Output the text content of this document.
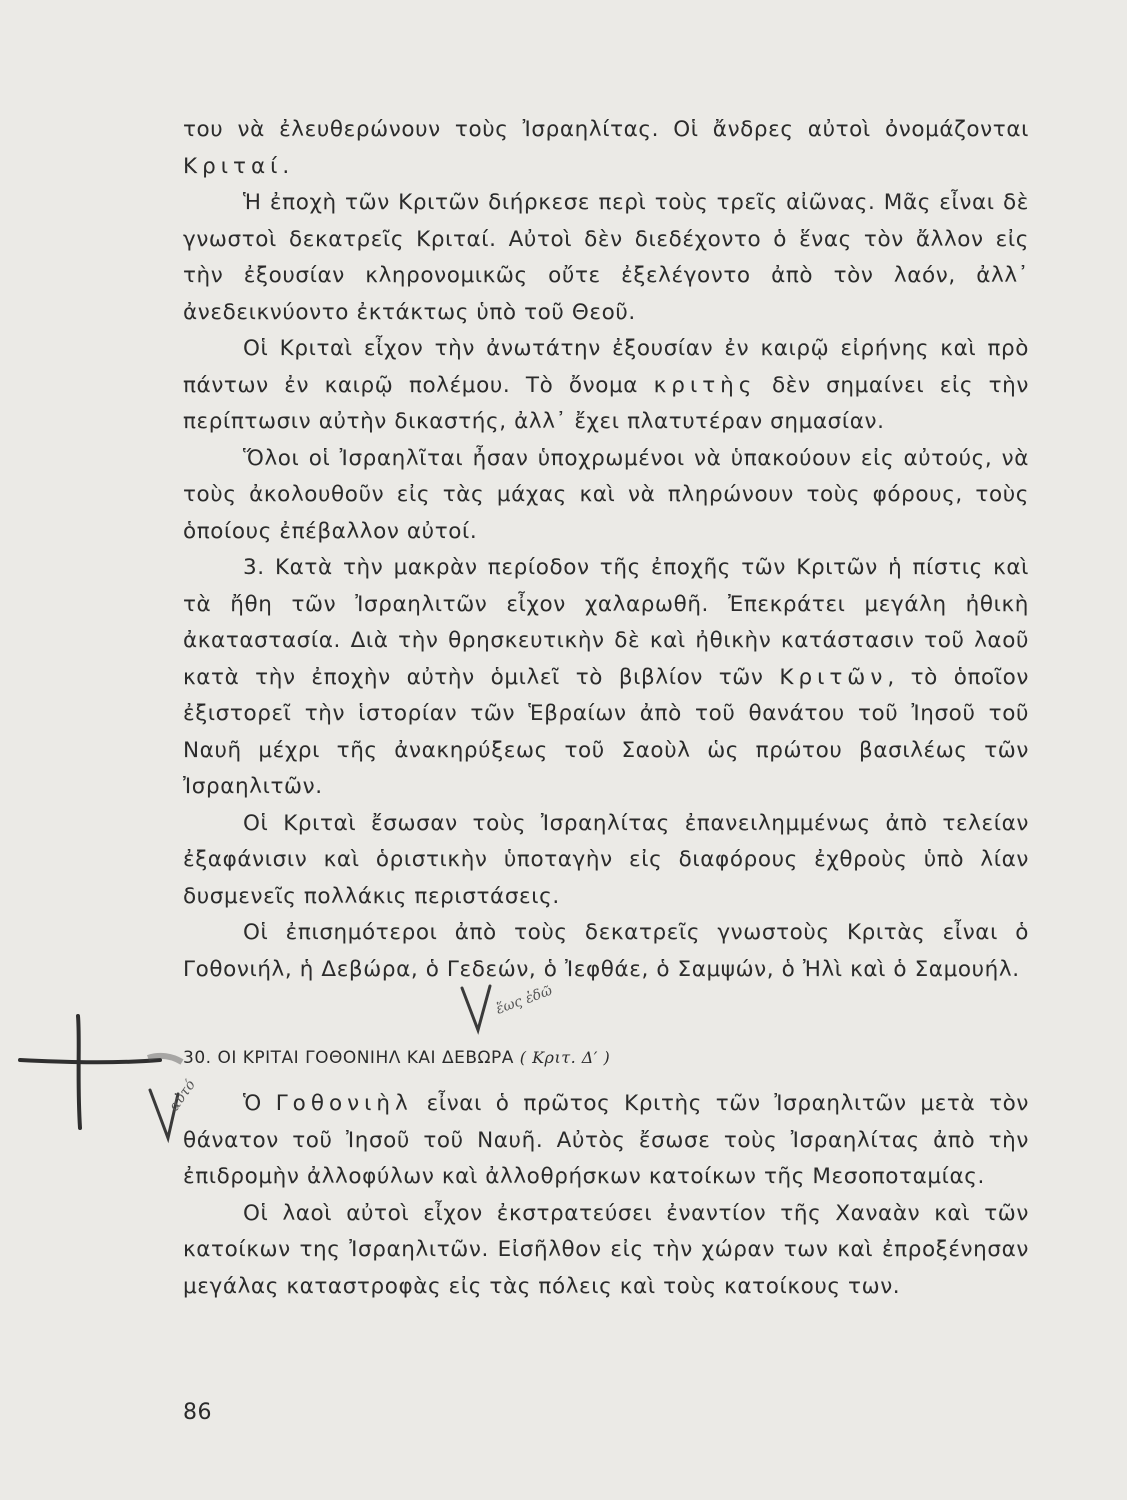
του νὰ ἐλευθερώνουν τοὺς Ἰσραηλίτας. Οἱ ἄνδρες αὐτοὶ ὀνομάζονται Κριταί.

Ἡ ἐποχὴ τῶν Κριτῶν διήρκεσε περὶ τοὺς τρεῖς αἰῶνας. Μᾶς εἶναι δὲ γνωστοὶ δεκατρεῖς Κριταί. Αὐτοὶ δὲν διεδέχοντο ὁ ἕνας τὸν ἄλλον εἰς τὴν ἐξουσίαν κληρονομικῶς οὔτε ἐξελέγοντο ἀπὸ τὸν λαόν, ἀλλ᾽ ἀνεδεικνύοντο ἐκτάκτως ὑπὸ τοῦ Θεοῦ.

Οἱ Κριταὶ εἶχον τὴν ἀνωτάτην ἐξουσίαν ἐν καιρῷ εἰρήνης καὶ πρὸ πάντων ἐν καιρῷ πολέμου. Τὸ ὄνομα κριτὴς δὲν σημαίνει εἰς τὴν περίπτωσιν αὐτὴν δικαστής, ἀλλ᾽ ἔχει πλατυτέραν σημασίαν.

Ὅλοι οἱ Ἰσραηλῖται ἦσαν ὑποχρωμένοι νὰ ὑπακούουν εἰς αὐτούς, νὰ τοὺς ἀκολουθοῦν εἰς τὰς μάχας καὶ νὰ πληρώνουν τοὺς φόρους, τοὺς ὁποίους ἐπέβαλλον αὐτοί.

3. Κατὰ τὴν μακρὰν περίοδον τῆς ἐποχῆς τῶν Κριτῶν ἡ πίστις καὶ τὰ ἤθη τῶν Ἰσραηλιτῶν εἶχον χαλαρωθῆ. Ἐπεκράτει μεγάλη ἠθικὴ ἀκαταστασία. Διὰ τὴν θρησκευτικὴν δὲ καὶ ἠθικὴν κατάστασιν τοῦ λαοῦ κατὰ τὴν ἐποχὴν αὐτὴν ὁμιλεῖ τὸ βιβλίον τῶν Κριτῶν, τὸ ὁποῖον ἐξιστορεῖ τὴν ἱστορίαν τῶν Ἑβραίων ἀπὸ τοῦ θανάτου τοῦ Ἰησοῦ τοῦ Ναυῆ μέχρι τῆς ἀνακηρύξεως τοῦ Σαοὺλ ὡς πρώτου βασιλέως τῶν Ἰσραηλιτῶν.

Οἱ Κριταὶ ἔσωσαν τοὺς Ἰσραηλίτας ἐπανειλημμένως ἀπὸ τελείαν ἐξαφάνισιν καὶ ὁριστικὴν ὑποταγὴν εἰς διαφόρους ἐχθροὺς ὑπὸ λίαν δυσμενεῖς πολλάκις περιστάσεις.

Οἱ ἐπισημότεροι ἀπὸ τοὺς δεκατρεῖς γνωστοὺς Κριτὰς εἶναι ὁ Γοθονιήλ, ἡ Δεβώρα, ὁ Γεδεών, ὁ Ἰεφθάε, ὁ Σαμψών, ὁ Ἠλὶ καὶ ὁ Σαμουήλ.

30. ΟΙ ΚΡΙΤΑΙ ΓΟΘΟΝΙΗΛ ΚΑΙ ΔΕΒΩΡΑ ( Κριτ. Δ′ )

Ὁ Γοθονιὴλ εἶναι ὁ πρῶτος Κριτὴς τῶν Ἰσραηλιτῶν μετὰ τὸν θάνατον τοῦ Ἰησοῦ τοῦ Ναυῆ. Αὐτὸς ἔσωσε τοὺς Ἰσραηλίτας ἀπὸ τὴν ἐπιδρομὴν ἀλλοφύλων καὶ ἀλλοθρήσκων κατοίκων τῆς Μεσοποταμίας.

Οἱ λαοὶ αὐτοὶ εἶχον ἐκστρατεύσει ἐναντίον τῆς Χαναὰν καὶ τῶν κατοίκων της Ἰσραηλιτῶν. Εἰσῆλθον εἰς τὴν χώραν των καὶ ἐπροξένησαν μεγάλας καταστροφὰς εἰς τὰς πόλεις καὶ τοὺς κατοίκους των.

86
ἕως ἐδῶ
αὐτό
